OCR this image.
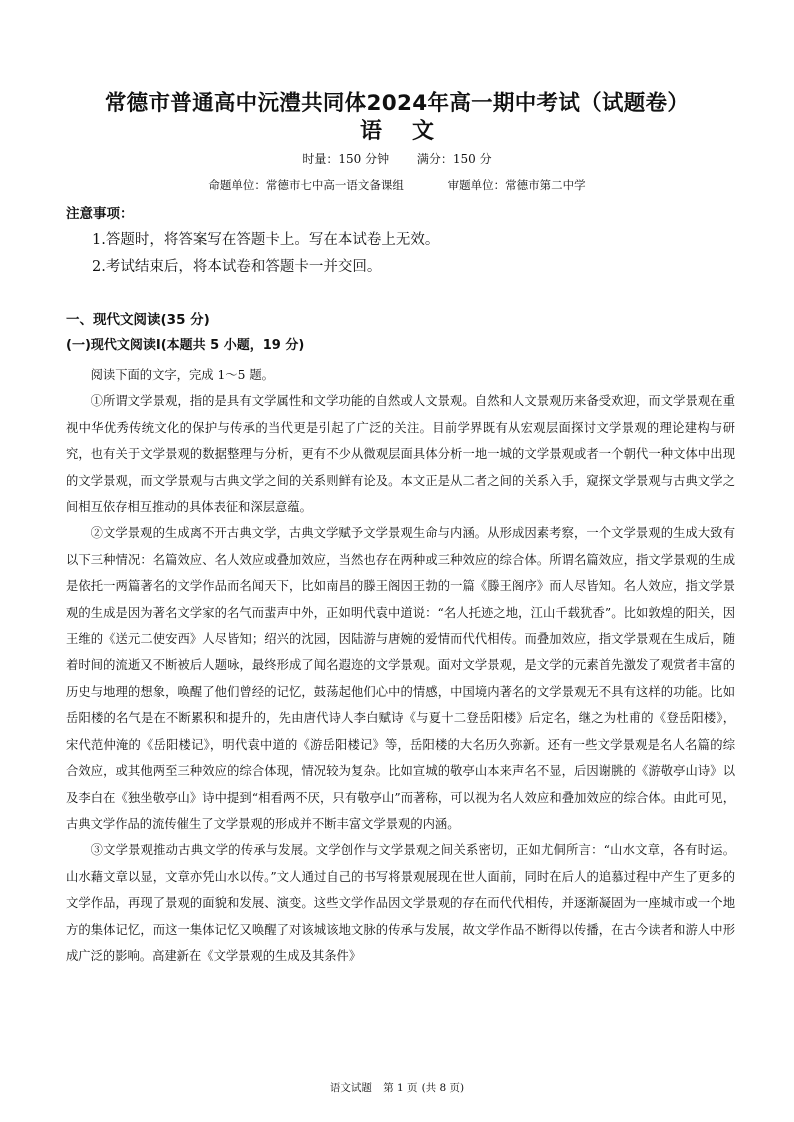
常德市普通高中沅澧共同体2024年高一期中考试（试题卷）
语文
时量：150 分钟 满分：150 分
命题单位：常德市七中高一语文备课组	审题单位：常德市第二中学
注意事项：
1.答题时，将答案写在答题卡上。写在本试卷上无效。
2.考试结束后，将本试卷和答题卡一并交回。
一、现代文阅读(35 分)
(一)现代文阅读Ⅰ(本题共 5 小题，19 分)

阅读下面的文字，完成 1～5 题。

①所谓文学景观，指的是具有文学属性和文学功能的自然或人文景观。自然和人文景观历来备受欢迎，而文学景观在重视中华优秀传统文化的保护与传承的当代更是引起了广泛的关注。目前学界既有从宏观层面探讨文学景观的理论建构与研究，也有关于文学景观的数据整理与分析，更有不少从微观层面具体分析一地一城的文学景观或者一个朝代一种文体中出现的文学景观，而文学景观与古典文学之间的关系则鲜有论及。本文正是从二者之间的关系入手，窥探文学景观与古典文学之间相互依存相互推动的具体表征和深层意蕴。

②文学景观的生成离不开古典文学，古典文学赋予文学景观生命与内涵。从形成因素考察，一个文学景观的生成大致有以下三种情况：名篇效应、名人效应或叠加效应，当然也存在两种或三种效应的综合体。所谓名篇效应，指文学景观的生成是依托一两篇著名的文学作品而名闻天下，比如南昌的滕王阁因王勃的一篇《滕王阁序》而人尽皆知。名人效应，指文学景观的生成是因为著名文学家的名气而蜚声中外，正如明代袁中道说：“名人托迹之地，江山千载犹香”。比如敦煌的阳关，因王维的《送元二使安西》人尽皆知；绍兴的沈园，因陆游与唐婉的爱情而代代相传。而叠加效应，指文学景观在生成后，随着时间的流逝又不断被后人题咏，最终形成了闻名遐迩的文学景观。面对文学景观，是文学的元素首先激发了观赏者丰富的历史与地理的想象，唤醒了他们曾经的记忆，鼓荡起他们心中的情感，中国境内著名的文学景观无不具有这样的功能。比如岳阳楼的名气是在不断累积和提升的，先由唐代诗人李白赋诗《与夏十二登岳阳楼》后定名，继之为杜甫的《登岳阳楼》，宋代范仲淹的《岳阳楼记》，明代袁中道的《游岳阳楼记》等，岳阳楼的大名历久弥新。还有一些文学景观是名人名篇的综合效应，或其他两至三种效应的综合体现，情况较为复杂。比如宣城的敬亭山本来声名不显，后因谢朓的《游敬亭山诗》以及李白在《独坐敬亭山》诗中提到“相看两不厌，只有敬亭山”而著称，可以视为名人效应和叠加效应的综合体。由此可见，古典文学作品的流传催生了文学景观的形成并不断丰富文学景观的内涵。

③文学景观推动古典文学的传承与发展。文学创作与文学景观之间关系密切，正如尤侗所言：“山水文章，各有时运。山水藉文章以显，文章亦凭山水以传。”文人通过自己的书写将景观展现在世人面前，同时在后人的追慕过程中产生了更多的文学作品，再现了景观的面貌和发展、演变。这些文学作品因文学景观的存在而代代相传，并逐渐凝固为一座城市或一个地方的集体记忆，而这一集体记忆又唤醒了对该城该地文脉的传承与发展，故文学作品不断得以传播，在古今读者和游人中形成广泛的影响。高建新在《文学景观的生成及其条件》

语文试题 第 1 页 (共 8 页)
